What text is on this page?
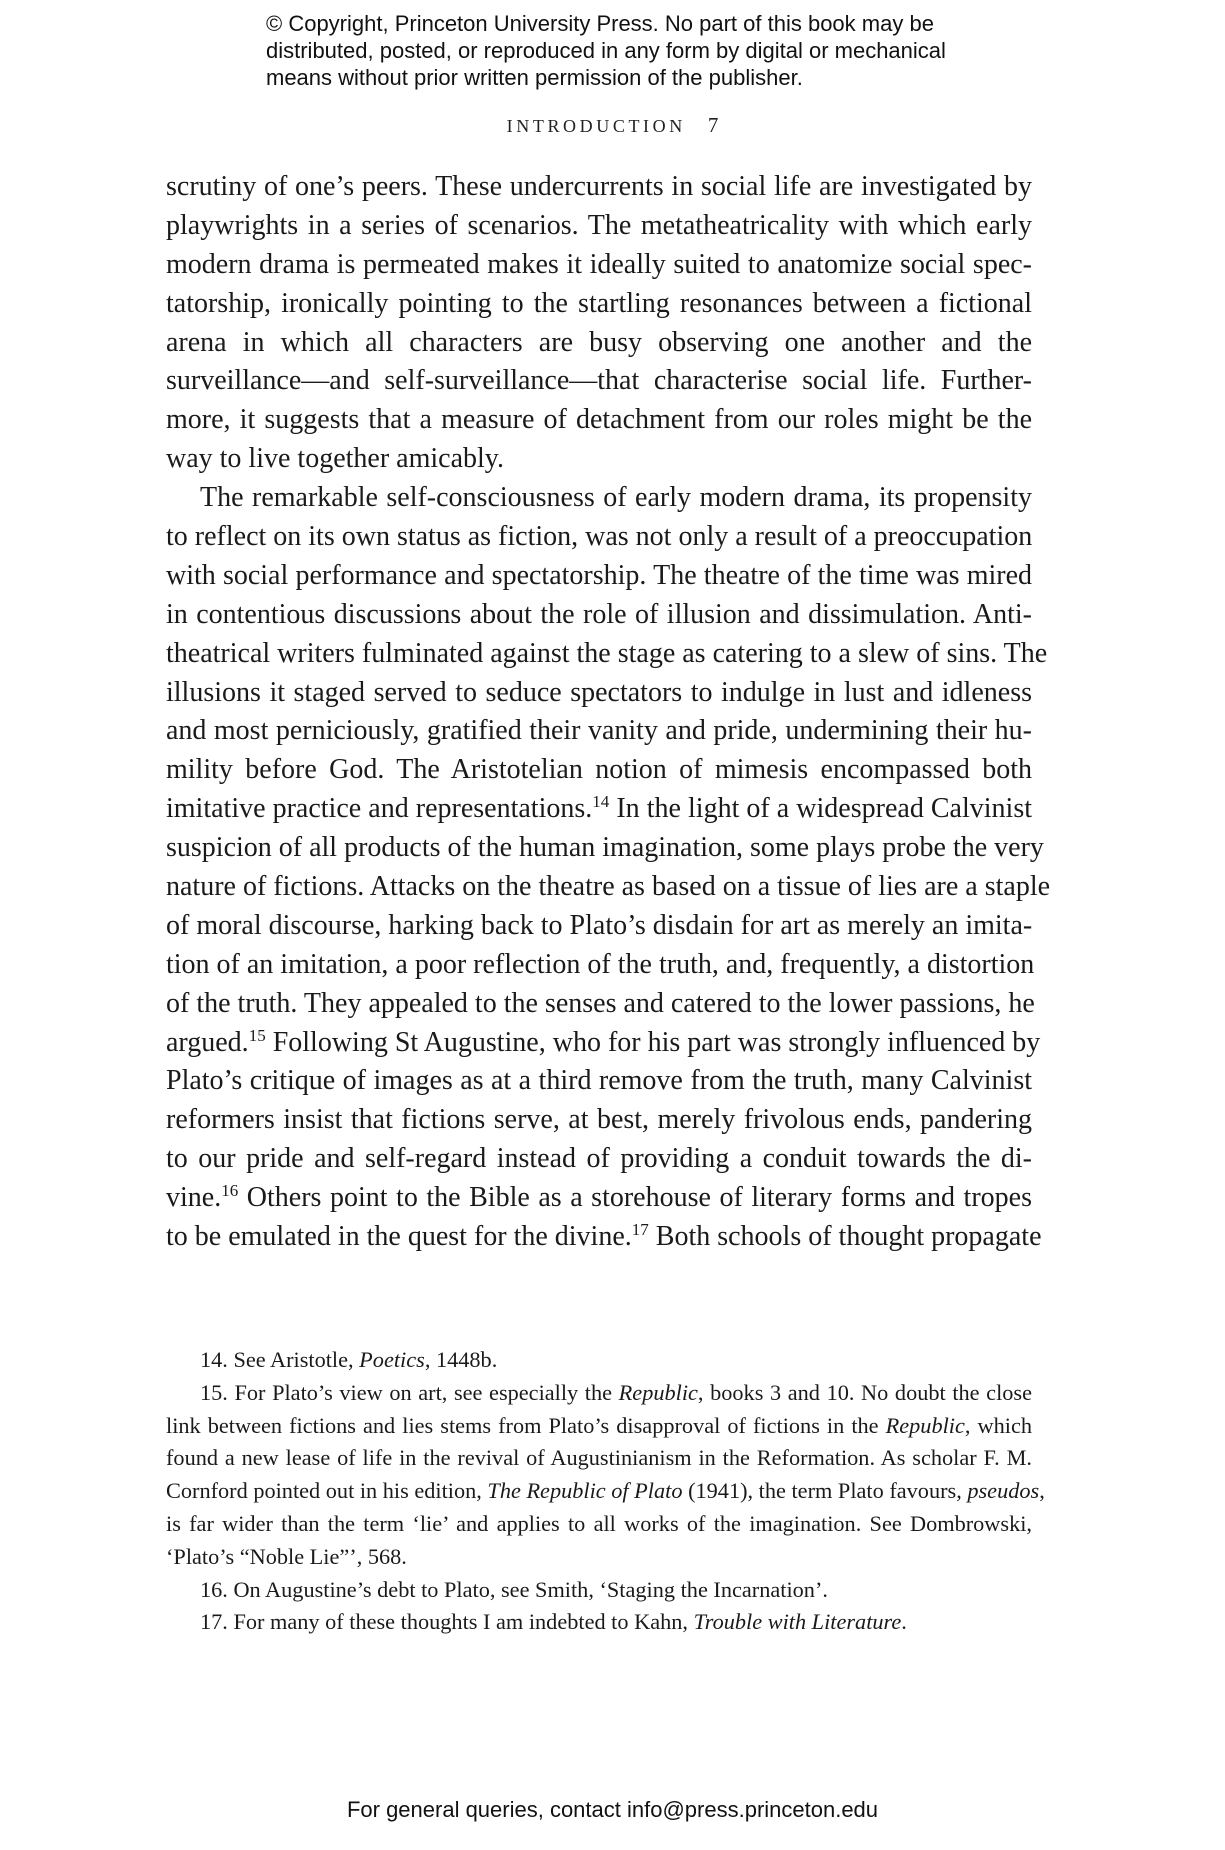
© Copyright, Princeton University Press. No part of this book may be
distributed, posted, or reproduced in any form by digital or mechanical
means without prior written permission of the publisher.
INTRODUCTION 7
scrutiny of one’s peers. These undercurrents in social life are investigated by
playwrights in a series of scenarios. The metatheatricality with which early
modern drama is permeated makes it ideally suited to anatomize social spec-
tatorship, ironically pointing to the startling resonances between a fictional
arena in which all characters are busy observing one another and the
surveillance—and self-surveillance—that characterise social life. Further-
more, it suggests that a measure of detachment from our roles might be the
way to live together amicably.
The remarkable self-consciousness of early modern drama, its propensity
to reflect on its own status as fiction, was not only a result of a preoccupation
with social performance and spectatorship. The theatre of the time was mired
in contentious discussions about the role of illusion and dissimulation. Anti-
theatrical writers fulminated against the stage as catering to a slew of sins. The
illusions it staged served to seduce spectators to indulge in lust and idleness
and most perniciously, gratified their vanity and pride, undermining their hu-
mility before God. The Aristotelian notion of mimesis encompassed both
imitative practice and representations.$^{14}$ In the light of a widespread Calvinist
suspicion of all products of the human imagination, some plays probe the very
nature of fictions. Attacks on the theatre as based on a tissue of lies are a staple
of moral discourse, harking back to Plato’s disdain for art as merely an imita-
tion of an imitation, a poor reflection of the truth, and, frequently, a distortion
of the truth. They appealed to the senses and catered to the lower passions, he
argued.$^{15}$ Following St Augustine, who for his part was strongly influenced by
Plato’s critique of images as at a third remove from the truth, many Calvinist
reformers insist that fictions serve, at best, merely frivolous ends, pandering
to our pride and self-regard instead of providing a conduit towards the di-
vine.$^{16}$ Others point to the Bible as a storehouse of literary forms and tropes
to be emulated in the quest for the divine.$^{17}$ Both schools of thought propagate
14. See Aristotle, Poetics, 1448b.
15. For Plato’s view on art, see especially the Republic, books 3 and 10. No doubt the close
link between fictions and lies stems from Plato’s disapproval of fictions in the Republic, which
found a new lease of life in the revival of Augustinianism in the Reformation. As scholar F. M.
Cornford pointed out in his edition, The Republic of Plato (1941), the term Plato favours, pseudos,
is far wider than the term ‘lie’ and applies to all works of the imagination. See Dombrowski,
‘Plato’s “Noble Lie”’, 568.
16. On Augustine’s debt to Plato, see Smith, ‘Staging the Incarnation’.
17. For many of these thoughts I am indebted to Kahn, Trouble with Literature.
For general queries, contact info@press.princeton.edu
